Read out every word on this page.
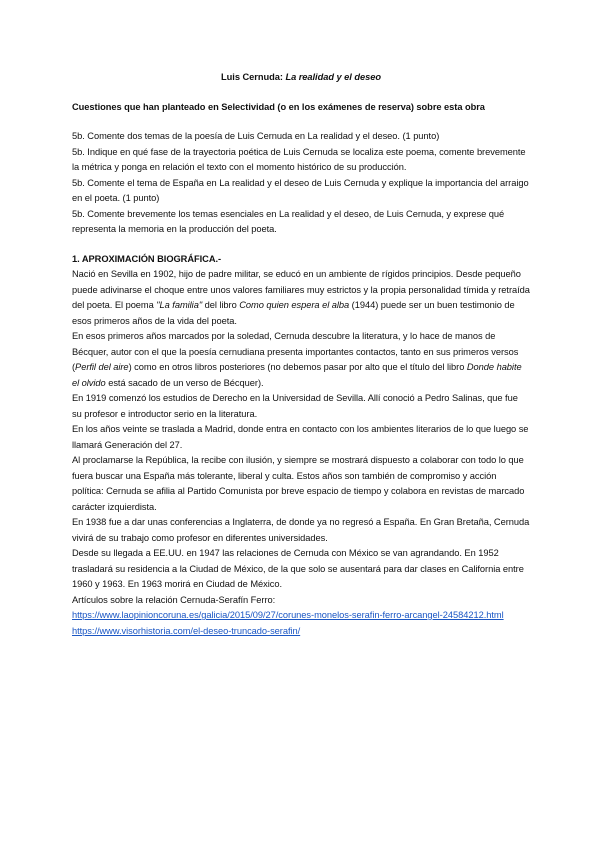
Luis Cernuda: La realidad y el deseo

Cuestiones que han planteado en Selectividad (o en los exámenes de reserva) sobre esta obra

5b. Comente dos temas de la poesía de Luis Cernuda en La realidad y el deseo. (1 punto)

5b. Indique en qué fase de la trayectoria poética de Luis Cernuda se localiza este poema, comente brevemente la métrica y ponga en relación el texto con el momento histórico de su producción.

5b. Comente el tema de España en La realidad y el deseo de Luis Cernuda y explique la importancia del arraigo en el poeta. (1 punto)

5b. Comente brevemente los temas esenciales en La realidad y el deseo, de Luis Cernuda, y exprese qué representa la memoria en la producción del poeta.

1. APROXIMACIÓN BIOGRÁFICA.-

Nació en Sevilla en 1902, hijo de padre militar, se educó en un ambiente de rígidos principios. Desde pequeño puede adivinarse el choque entre unos valores familiares muy estrictos y la propia personalidad tímida y retraída del poeta. El poema "La familia" del libro Como quien espera el alba (1944) puede ser un buen testimonio de esos primeros años de la vida del poeta.

En esos primeros años marcados por la soledad, Cernuda descubre la literatura, y lo hace de manos de Bécquer, autor con el que la poesía cernudiana presenta importantes contactos, tanto en sus primeros versos (Perfil del aire) como en otros libros posteriores (no debemos pasar por alto que el título del libro Donde habite el olvido está sacado de un verso de Bécquer).

En 1919 comenzó los estudios de Derecho en la Universidad de Sevilla. Allí conoció a Pedro Salinas, que fue su profesor e introductor serio en la literatura.

En los años veinte se traslada a Madrid, donde entra en contacto con los ambientes literarios de lo que luego se llamará Generación del 27.

Al proclamarse la República, la recibe con ilusión, y siempre se mostrará dispuesto a colaborar con todo lo que fuera buscar una España más tolerante, liberal y culta. Estos años son también de compromiso y acción política: Cernuda se afilia al Partido Comunista por breve espacio de tiempo y colabora en revistas de marcado carácter izquierdista.

En 1938 fue a dar unas conferencias a Inglaterra, de donde ya no regresó a España. En Gran Bretaña, Cernuda vivirá de su trabajo como profesor en diferentes universidades.

Desde su llegada a EE.UU. en 1947 las relaciones de Cernuda con México se van agrandando. En 1952 trasladará su residencia a la Ciudad de México, de la que solo se ausentará para dar clases en California entre 1960 y 1963. En 1963 morirá en Ciudad de México.

Artículos sobre la relación Cernuda-Serafín Ferro:

https://www.laopinioncoruna.es/galicia/2015/09/27/corunes-monelos-serafin-ferro-arcangel-24584212.html

https://www.visorhistoria.com/el-deseo-truncado-serafin/
